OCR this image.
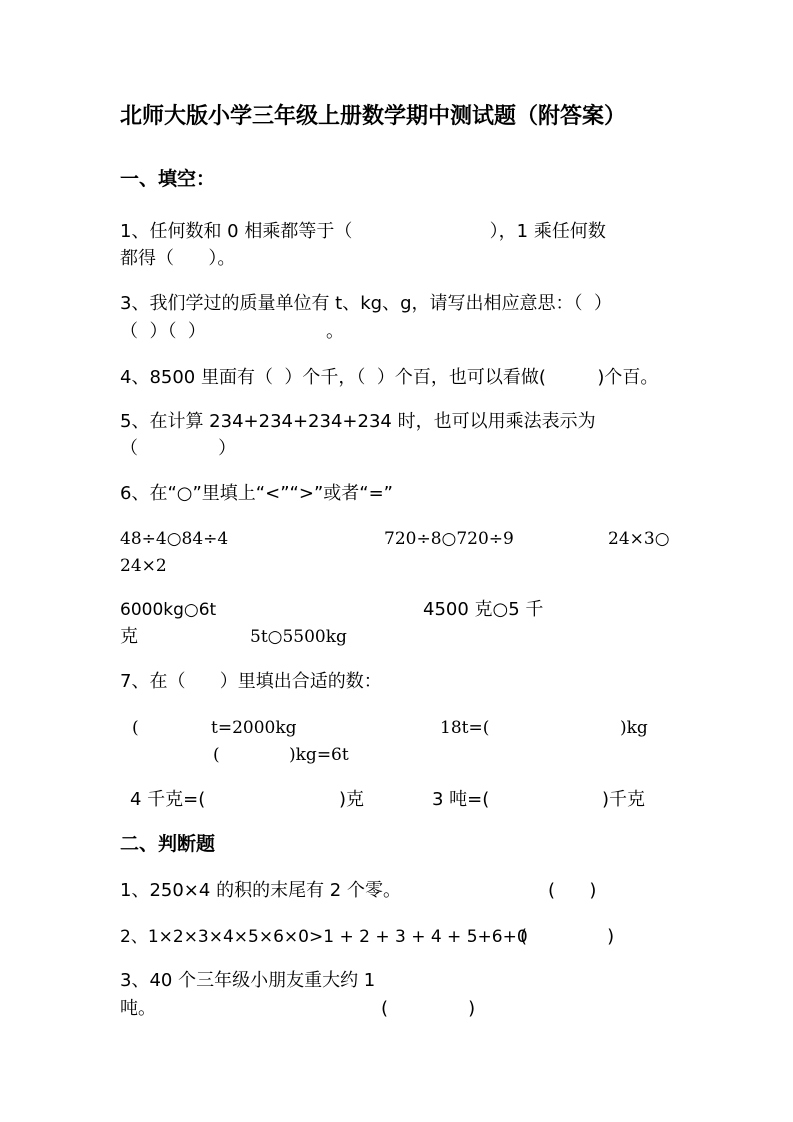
北师大版小学三年级上册数学期中测试题（附答案）
一、填空：
1、任何数和 0 相乘都等于（                        ），1 乘任何数
都得（      ）。
3、我们学过的质量单位有 t、kg、g，请写出相应意思：（  ）
（  ）（  ）                     。
4、8500 里面有（  ）个千，（  ）个百，也可以看做(         )个百。
5、在计算 234+234+234+234 时，也可以用乘法表示为
（              ）
6、在“○”里填上“<”“>”或者“=”
48÷4○84÷4	720÷8○720÷9	24×3○
24×2
6000kg○6t	4500 克○5 千
克	5t○5500kg
7、在（      ）里填出合适的数：
(	t=2000kg	18t=(	)kg
(	)kg=6t
4 千克=(	)克	3 吨=(	)千克
二、判断题
1、250×4 的积的末尾有 2 个零。	(      )
2、1×2×3×4×5×6×0>1 + 2 + 3 + 4 + 5+6+0
(              )
3、40 个三年级小朋友重大约 1
吨。	(              )
